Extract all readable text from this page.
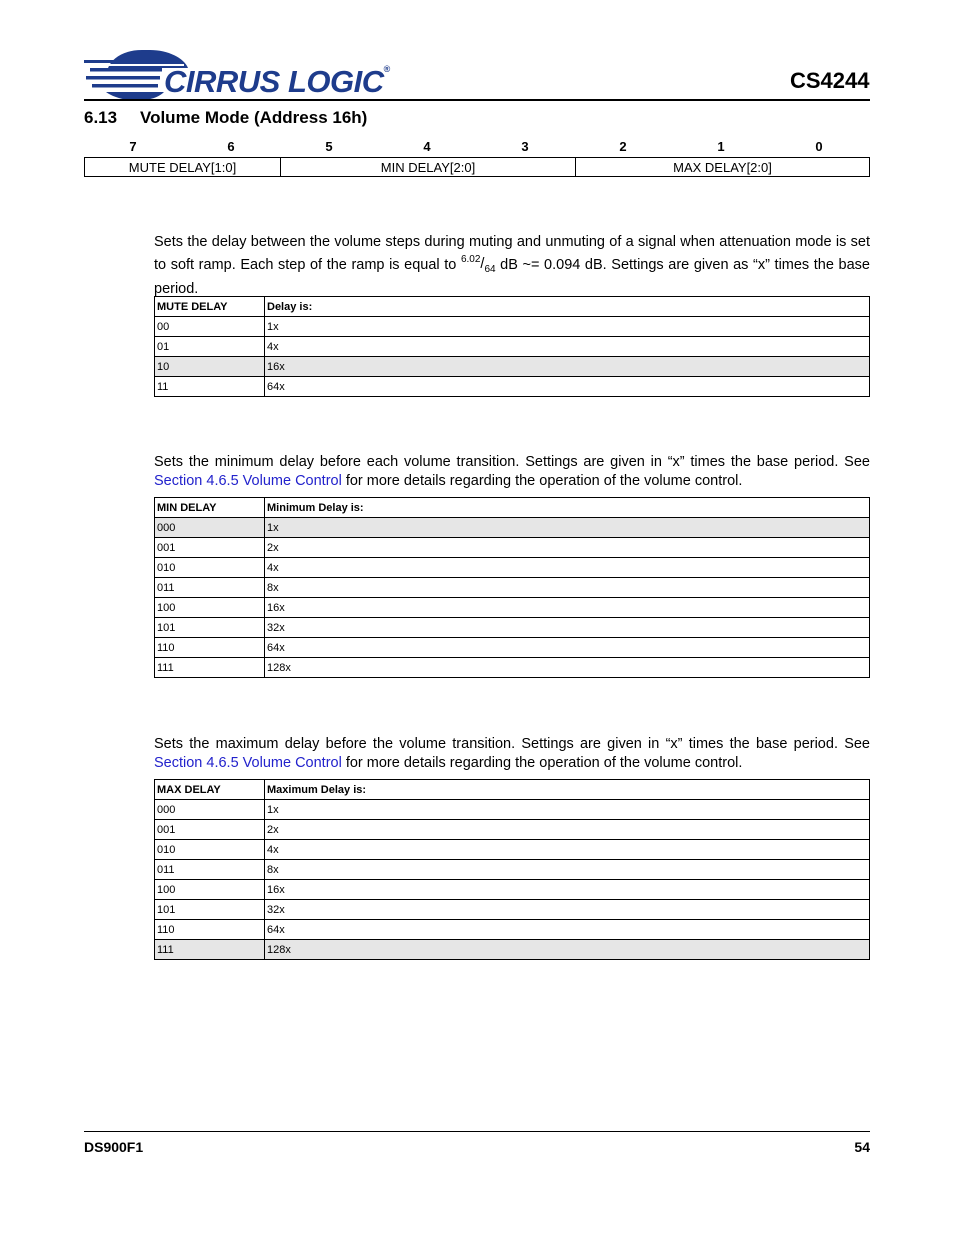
CIRRUS LOGIC®	CS4244
6.13 Volume Mode (Address 16h)
7	6	5	4	3	2	1	0
MUTE DELAY[1:0]	MIN DELAY[2:0]	MAX DELAY[2:0]
Sets the delay between the volume steps during muting and unmuting of a signal when attenuation mode is set to soft ramp. Each step of the ramp is equal to $^{6.02}/_{64}$ dB ~= 0.094 dB. Settings are given as “x” times the base period.
MUTE DELAY	Delay is:
00	1x
01	4x
10	16x
11	64x
Sets the minimum delay before each volume transition. Settings are given in “x” times the base period. See Section 4.6.5 Volume Control for more details regarding the operation of the volume control.
MIN DELAY	Minimum Delay is:
000	1x
001	2x
010	4x
011	8x
100	16x
101	32x
110	64x
111	128x
Sets the maximum delay before the volume transition. Settings are given in “x” times the base period. See Section 4.6.5 Volume Control for more details regarding the operation of the volume control.
MAX DELAY	Maximum Delay is:
000	1x
001	2x
010	4x
011	8x
100	16x
101	32x
110	64x
111	128x
DS900F1	54
